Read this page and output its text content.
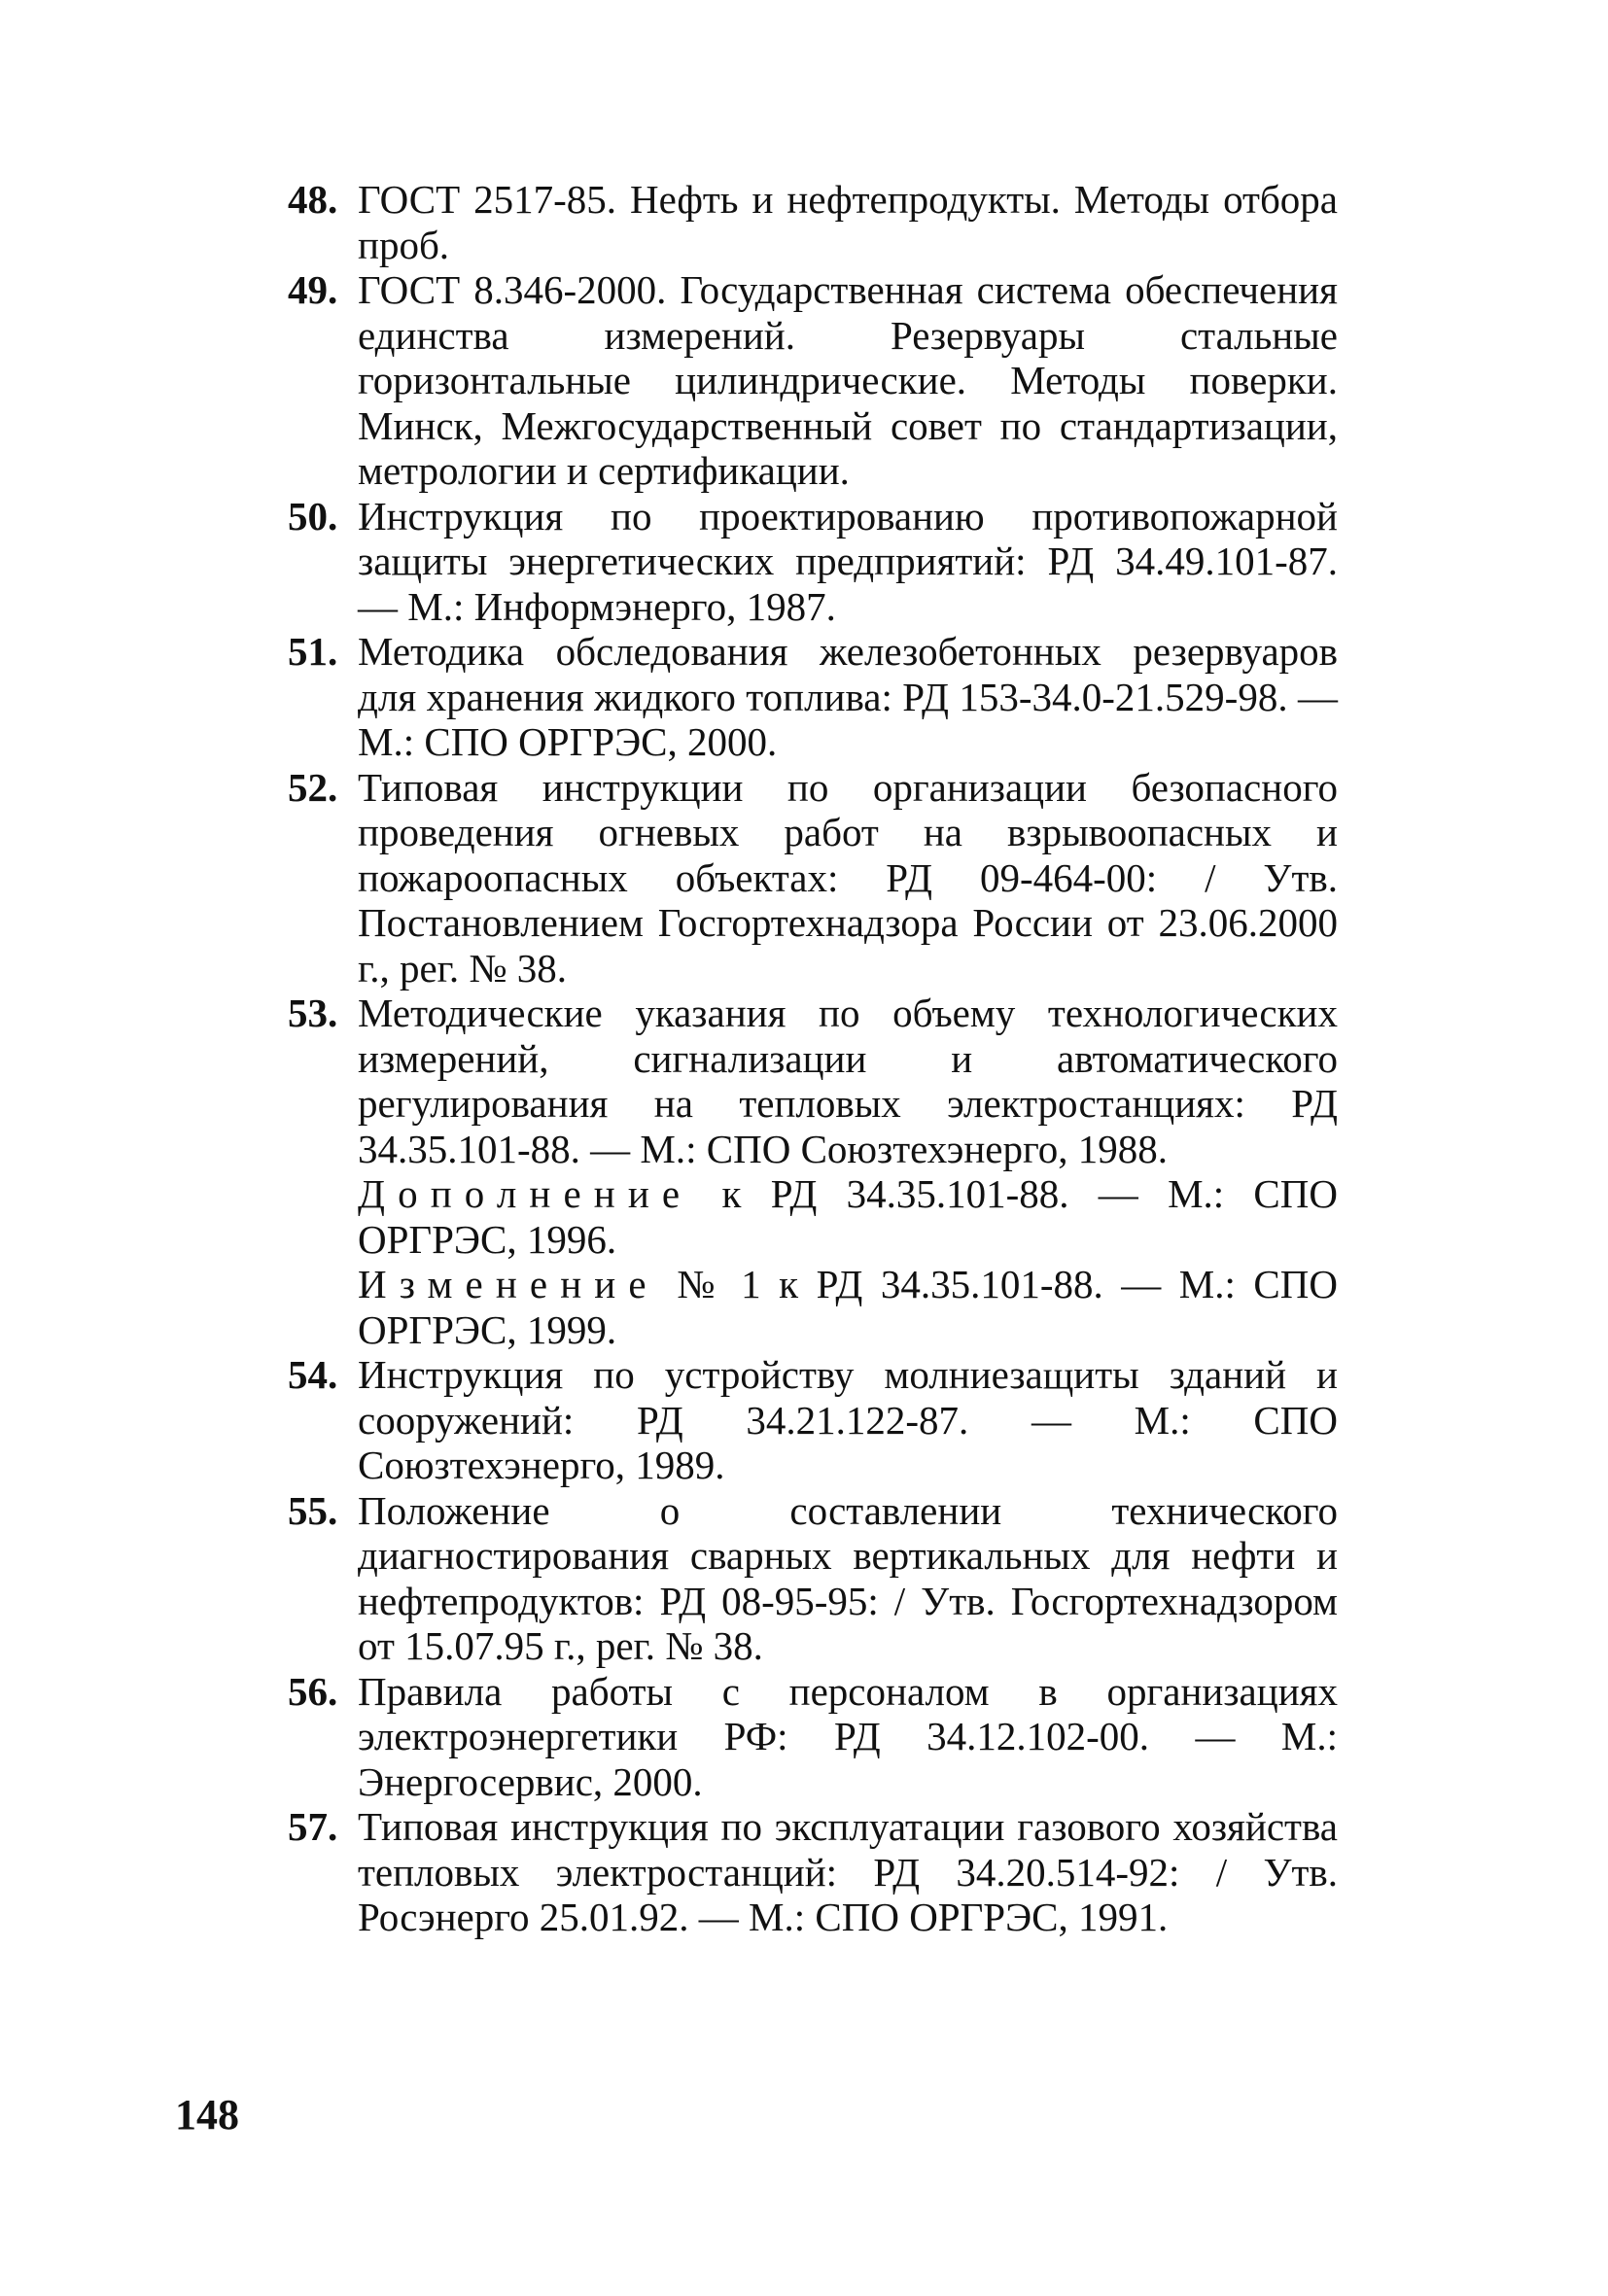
48. ГОСТ 2517-85. Нефть и нефтепродукты. Методы отбора проб.
49. ГОСТ 8.346-2000. Государственная система обеспечения единства измерений. Резервуары стальные горизонтальные цилиндрические. Методы поверки. Минск, Межгосударственный совет по стандартизации, метрологии и сертификации.
50. Инструкция по проектированию противопожарной защиты энергетических предприятий: РД 34.49.101-87. — М.: Информэнерго, 1987.
51. Методика обследования железобетонных резервуаров для хранения жидкого топлива: РД 153-34.0-21.529-98. — М.: СПО ОРГРЭС, 2000.
52. Типовая инструкции по организации безопасного проведения огневых работ на взрывоопасных и пожароопасных объектах: РД 09-464-00: / Утв. Постановлением Госгортехнадзора России от 23.06.2000 г., рег. № 38.
53. Методические указания по объему технологических измерений, сигнализации и автоматического регулирования на тепловых электростанциях: РД 34.35.101-88. — М.: СПО Союзтехэнерго, 1988.
Дополнение к РД 34.35.101-88. — М.: СПО ОРГРЭС, 1996.
Изменение № 1 к РД 34.35.101-88. — М.: СПО ОРГРЭС, 1999.
54. Инструкция по устройству молниезащиты зданий и сооружений: РД 34.21.122-87. — М.: СПО Союзтехэнерго, 1989.
55. Положение о составлении технического диагностирования сварных вертикальных для нефти и нефтепродуктов: РД 08-95-95: / Утв. Госгортехнадзором от 15.07.95 г., рег. № 38.
56. Правила работы с персоналом в организациях электроэнергетики РФ: РД 34.12.102-00. — М.: Энергосервис, 2000.
57. Типовая инструкция по эксплуатации газового хозяйства тепловых электростанций: РД 34.20.514-92: / Утв. Росэнерго 25.01.92. — М.: СПО ОРГРЭС, 1991.
148
